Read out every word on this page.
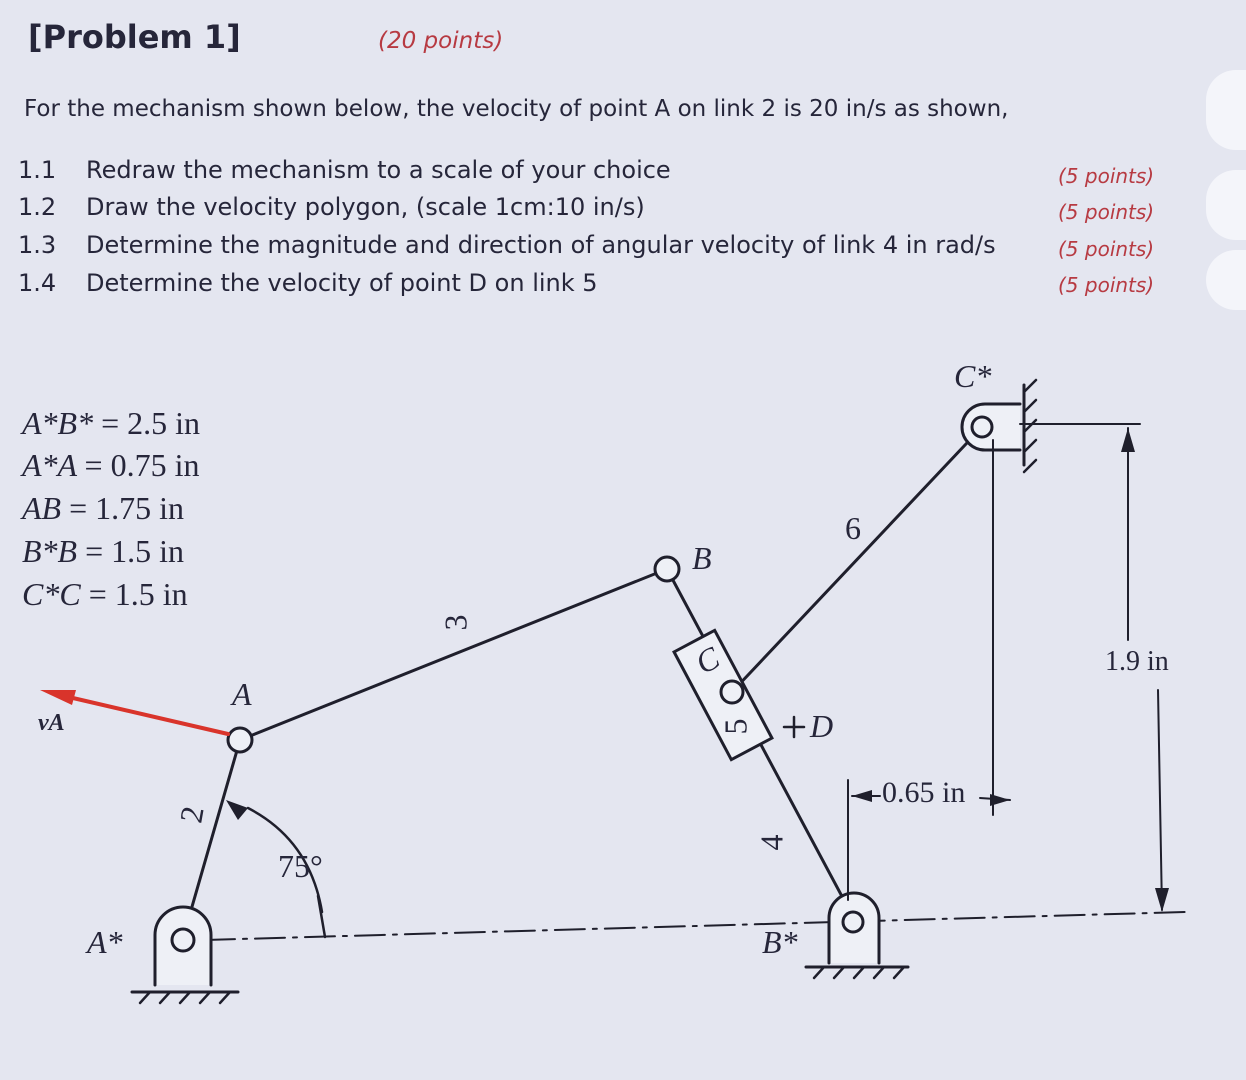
[Problem 1]	(20 points)
For the mechanism shown below, the velocity of point A on link 2 is 20 in/s as shown,
1.1 Redraw the mechanism to a scale of your choice
1.2 Draw the velocity polygon, (scale 1cm:10 in/s)
1.3 Determine the magnitude and direction of angular velocity of link 4 in rad/s
1.4 Determine the velocity of point D on link 5
(5 points)
(5 points)
(5 points)
(5 points)
A*B* = 2.5 in
A*A = 0.75 in
AB = 1.75 in
B*B = 1.5 in
C*C = 1.5 in
A
B
C
D
A*	B*
C*
2
3
4
5
6
vA
75°
0.65 in
1.9 in
